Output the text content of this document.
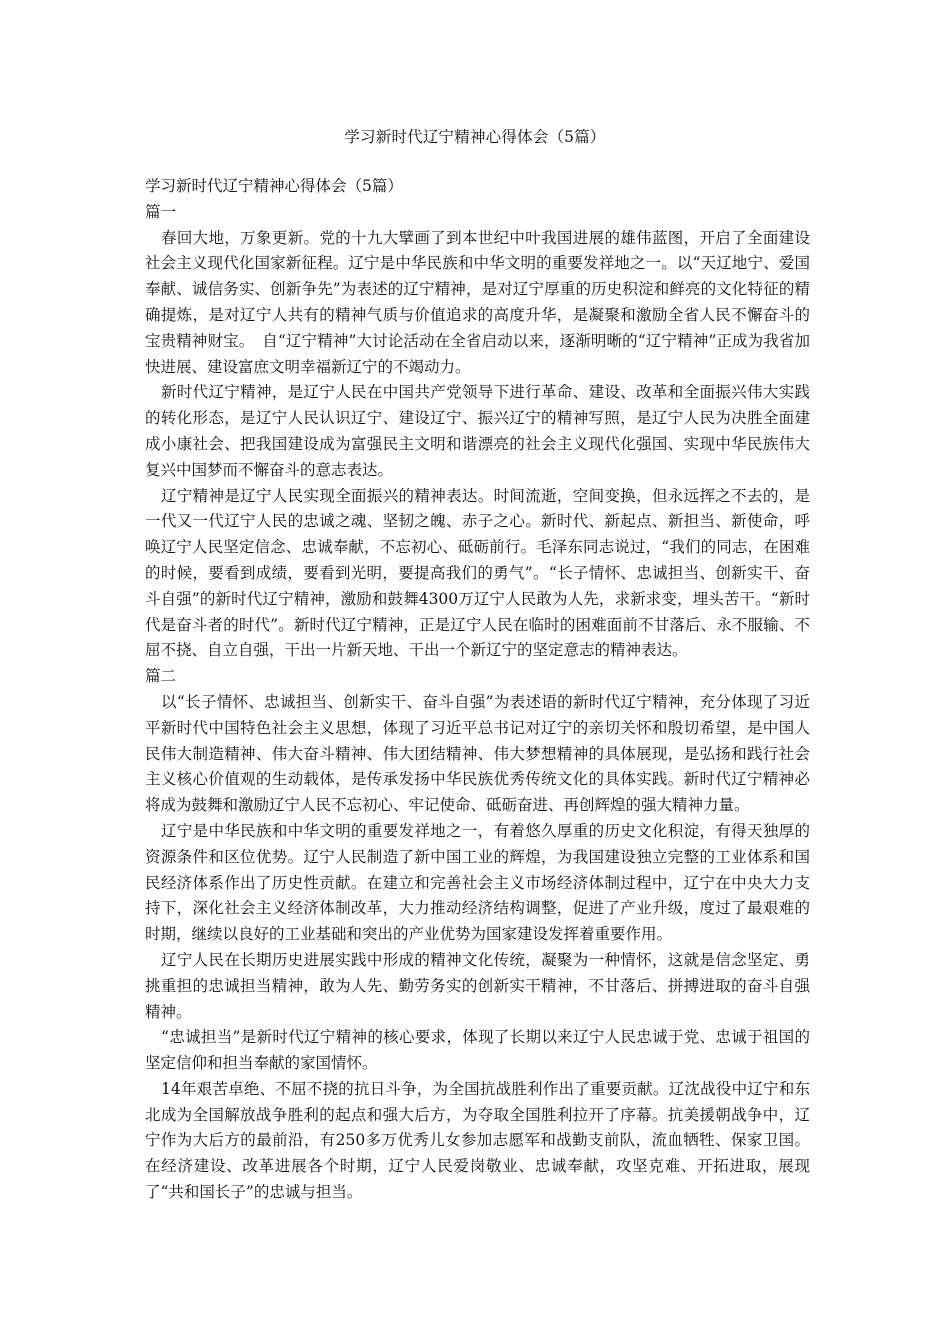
学习新时代辽宁精神心得体会（5篇）

学习新时代辽宁精神心得体会（5篇）

篇一

春回大地，万象更新。党的十九大擘画了到本世纪中叶我国进展的雄伟蓝图，开启了全面建设社会主义现代化国家新征程。辽宁是中华民族和中华文明的重要发祥地之一。以“天辽地宁、爱国奉献、诚信务实、创新争先”为表述的辽宁精神，是对辽宁厚重的历史积淀和鲜亮的文化特征的精确提炼，是对辽宁人共有的精神气质与价值追求的高度升华，是凝聚和激励全省人民不懈奋斗的宝贵精神财宝。　自“辽宁精神”大讨论活动在全省启动以来，逐渐明晰的“辽宁精神”正成为我省加快进展、建设富庶文明幸福新辽宁的不竭动力。

新时代辽宁精神，是辽宁人民在中国共产党领导下进行革命、建设、改革和全面振兴伟大实践的转化形态，是辽宁人民认识辽宁、建设辽宁、振兴辽宁的精神写照，是辽宁人民为决胜全面建成小康社会、把我国建设成为富强民主文明和谐漂亮的社会主义现代化强国、实现中华民族伟大复兴中国梦而不懈奋斗的意志表达。

辽宁精神是辽宁人民实现全面振兴的精神表达。时间流逝，空间变换，但永远挥之不去的，是一代又一代辽宁人民的忠诚之魂、坚韧之魄、赤子之心。新时代、新起点、新担当、新使命，呼唤辽宁人民坚定信念、忠诚奉献，不忘初心、砥砺前行。毛泽东同志说过，“我们的同志，在困难的时候，要看到成绩，要看到光明，要提高我们的勇气”。“长子情怀、忠诚担当、创新实干、奋斗自强”的新时代辽宁精神，激励和鼓舞4300万辽宁人民敢为人先，求新求变，埋头苦干。“新时代是奋斗者的时代”。新时代辽宁精神，正是辽宁人民在临时的困难面前不甘落后、永不服输、不屈不挠、自立自强，干出一片新天地、干出一个新辽宁的坚定意志的精神表达。

篇二

以“长子情怀、忠诚担当、创新实干、奋斗自强”为表述语的新时代辽宁精神，充分体现了习近平新时代中国特色社会主义思想，体现了习近平总书记对辽宁的亲切关怀和殷切希望，是中国人民伟大制造精神、伟大奋斗精神、伟大团结精神、伟大梦想精神的具体展现，是弘扬和践行社会主义核心价值观的生动载体，是传承发扬中华民族优秀传统文化的具体实践。新时代辽宁精神必将成为鼓舞和激励辽宁人民不忘初心、牢记使命、砥砺奋进、再创辉煌的强大精神力量。

辽宁是中华民族和中华文明的重要发祥地之一，有着悠久厚重的历史文化积淀，有得天独厚的资源条件和区位优势。辽宁人民制造了新中国工业的辉煌，为我国建设独立完整的工业体系和国民经济体系作出了历史性贡献。在建立和完善社会主义市场经济体制过程中，辽宁在中央大力支持下，深化社会主义经济体制改革，大力推动经济结构调整，促进了产业升级，度过了最艰难的时期，继续以良好的工业基础和突出的产业优势为国家建设发挥着重要作用。

辽宁人民在长期历史进展实践中形成的精神文化传统，凝聚为一种情怀，这就是信念坚定、勇挑重担的忠诚担当精神，敢为人先、勤劳务实的创新实干精神，不甘落后、拼搏进取的奋斗自强精神。

“忠诚担当”是新时代辽宁精神的核心要求，体现了长期以来辽宁人民忠诚于党、忠诚于祖国的坚定信仰和担当奉献的家国情怀。

14年艰苦卓绝、不屈不挠的抗日斗争，为全国抗战胜利作出了重要贡献。辽沈战役中辽宁和东北成为全国解放战争胜利的起点和强大后方，为夺取全国胜利拉开了序幕。抗美援朝战争中，辽宁作为大后方的最前沿，有250多万优秀儿女参加志愿军和战勤支前队，流血牺牲、保家卫国。在经济建设、改革进展各个时期，辽宁人民爱岗敬业、忠诚奉献，攻坚克难、开拓进取，展现了“共和国长子”的忠诚与担当。
